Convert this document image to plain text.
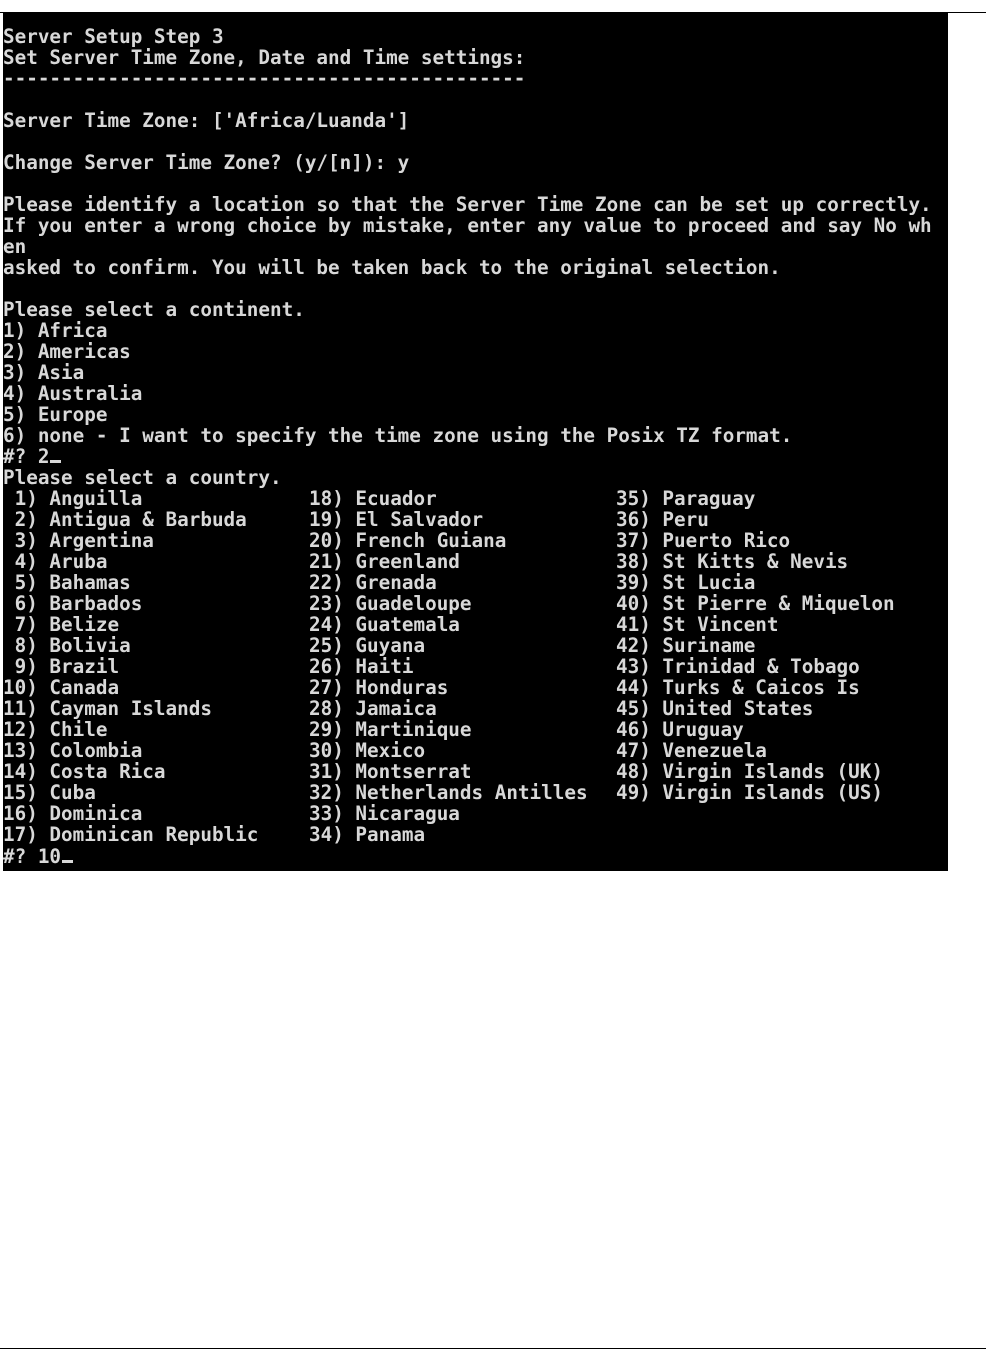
Server Setup Step 3
Set Server Time Zone, Date and Time settings:
---------------------------------------------
Server Time Zone: ['Africa/Luanda']
Change Server Time Zone? (y/[n]): y
Please identify a location so that the Server Time Zone can be set up correctly.
If you enter a wrong choice by mistake, enter any value to proceed and say No wh
en
asked to confirm. You will be taken back to the original selection.
Please select a continent.
1) Africa
2) Americas
3) Asia
4) Australia
5) Europe
6) none - I want to specify the time zone using the Posix TZ format.
#? 2
Please select a country.
1) Anguilla
2) Antigua & Barbuda
3) Argentina
4) Aruba
5) Bahamas
6) Barbados
7) Belize
8) Bolivia
9) Brazil
10) Canada
11) Cayman Islands
12) Chile
13) Colombia
14) Costa Rica
15) Cuba
16) Dominica
17) Dominican Republic
18) Ecuador
19) El Salvador
20) French Guiana
21) Greenland
22) Grenada
23) Guadeloupe
24) Guatemala
25) Guyana
26) Haiti
27) Honduras
28) Jamaica
29) Martinique
30) Mexico
31) Montserrat
32) Netherlands Antilles
33) Nicaragua
34) Panama
35) Paraguay
36) Peru
37) Puerto Rico
38) St Kitts & Nevis
39) St Lucia
40) St Pierre & Miquelon
41) St Vincent
42) Suriname
43) Trinidad & Tobago
44) Turks & Caicos Is
45) United States
46) Uruguay
47) Venezuela
48) Virgin Islands (UK)
49) Virgin Islands (US)
#? 10
